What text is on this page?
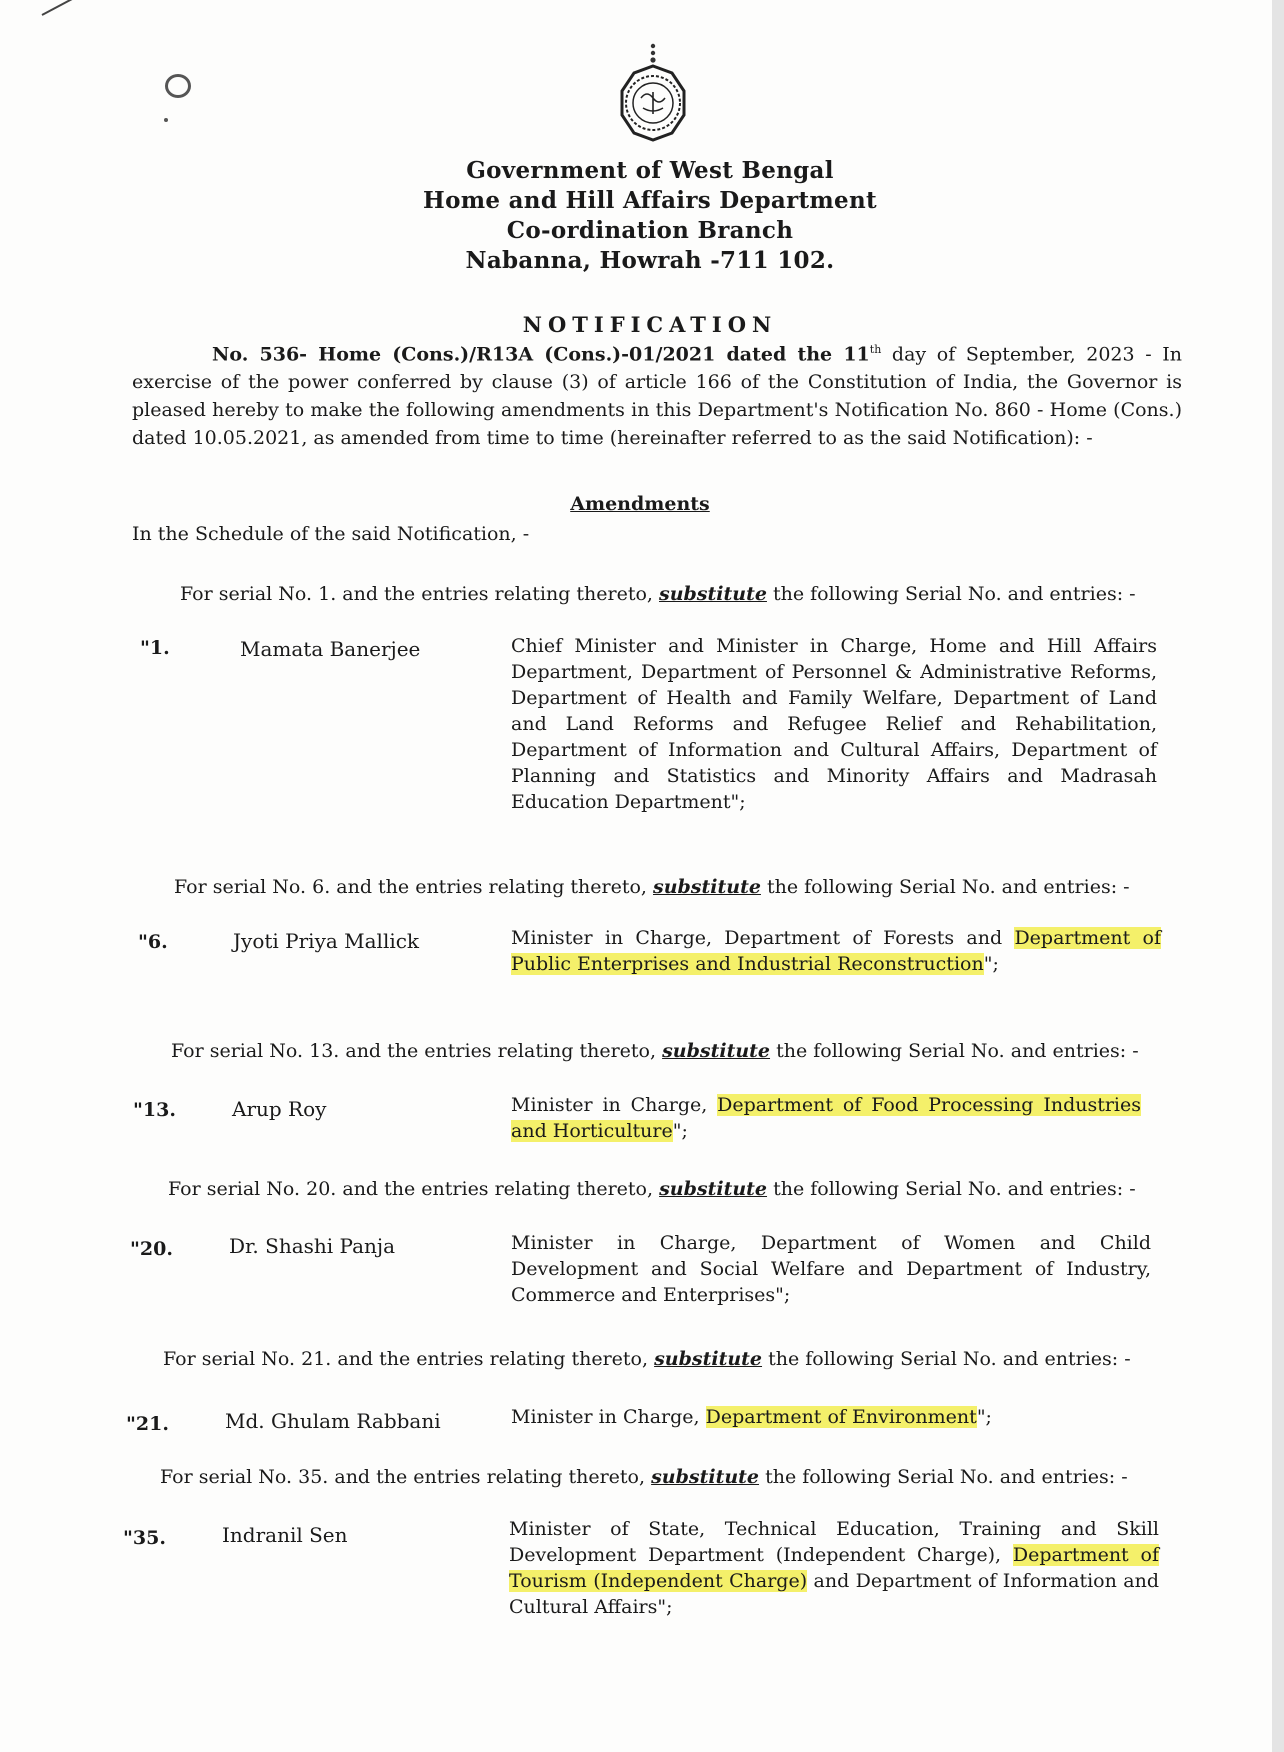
Government of West Bengal
Home and Hill Affairs Department
Co-ordination Branch
Nabanna, Howrah -711 102.
NOTIFICATION
No. 536- Home (Cons.)/R13A (Cons.)-01/2021 dated the 11th day of September, 2023 - In exercise of the power conferred by clause (3) of article 166 of the Constitution of India, the Governor is pleased hereby to make the following amendments in this Department's Notification No. 860 - Home (Cons.) dated 10.05.2021, as amended from time to time (hereinafter referred to as the said Notification): -
Amendments
In the Schedule of the said Notification, -
For serial No. 1. and the entries relating thereto, substitute the following Serial No. and entries: -
"1.	Mamata Banerjee	Chief Minister and Minister in Charge, Home and Hill Affairs Department, Department of Personnel & Administrative Reforms, Department of Health and Family Welfare, Department of Land and Land Reforms and Refugee Relief and Rehabilitation, Department of Information and Cultural Affairs, Department of Planning and Statistics and Minority Affairs and Madrasah Education Department";
For serial No. 6. and the entries relating thereto, substitute the following Serial No. and entries: -
"6.	Jyoti Priya Mallick	Minister in Charge, Department of Forests and Department of Public Enterprises and Industrial Reconstruction";
For serial No. 13. and the entries relating thereto, substitute the following Serial No. and entries: -
"13.	Arup Roy	Minister in Charge, Department of Food Processing Industries and Horticulture";
For serial No. 20. and the entries relating thereto, substitute the following Serial No. and entries: -
"20.	Dr. Shashi Panja	Minister in Charge, Department of Women and Child Development and Social Welfare and Department of Industry, Commerce and Enterprises";
For serial No. 21. and the entries relating thereto, substitute the following Serial No. and entries: -
"21.	Md. Ghulam Rabbani	Minister in Charge, Department of Environment";
For serial No. 35. and the entries relating thereto, substitute the following Serial No. and entries: -
"35.	Indranil Sen	Minister of State, Technical Education, Training and Skill Development Department (Independent Charge), Department of Tourism (Independent Charge) and Department of Information and Cultural Affairs";
